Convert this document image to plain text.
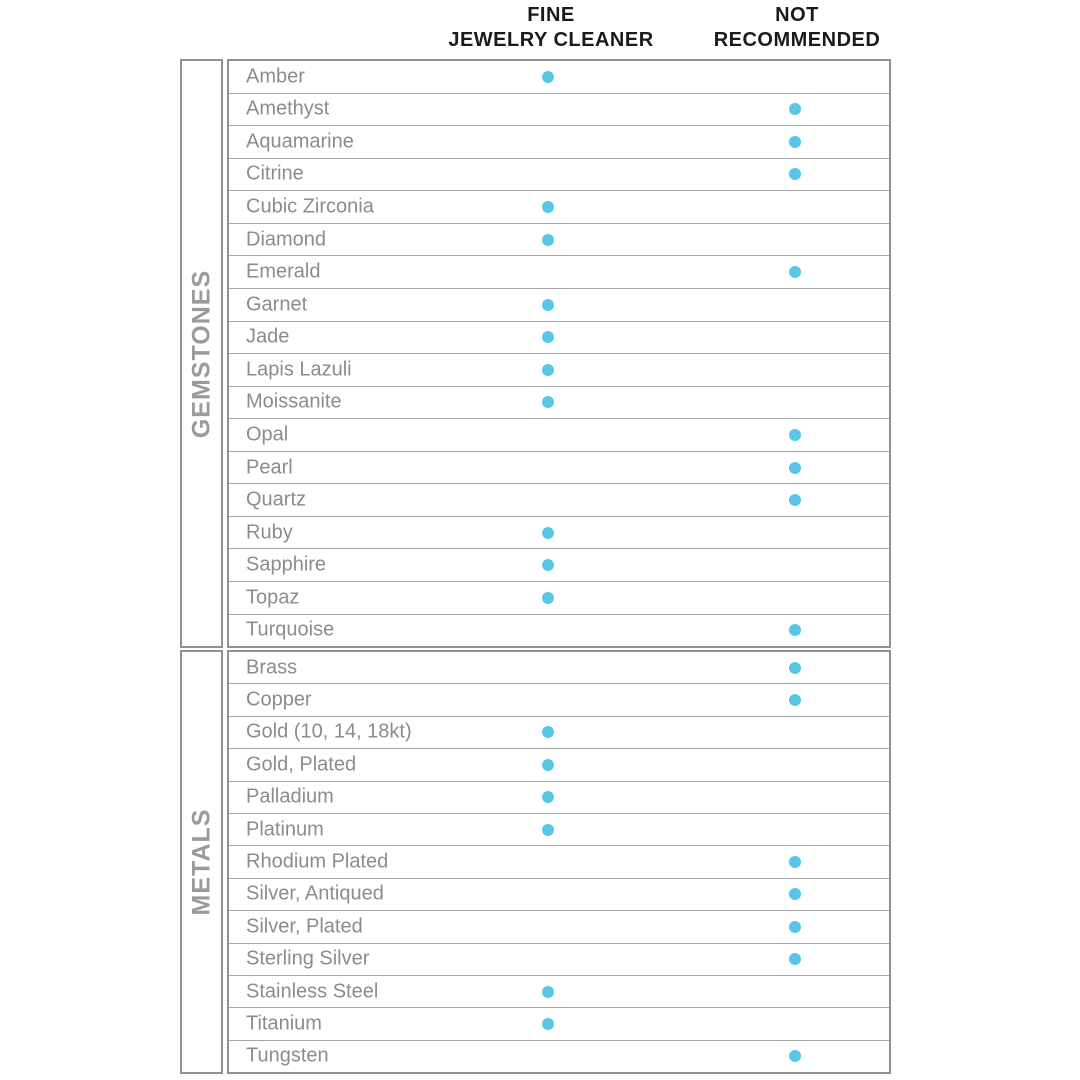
FINE
JEWELRY CLEANER
NOT
RECOMMENDED
GEMSTONES
Amber
Amethyst
Aquamarine
Citrine
Cubic Zirconia
Diamond
Emerald
Garnet
Jade
Lapis Lazuli
Moissanite
Opal
Pearl
Quartz
Ruby
Sapphire
Topaz
Turquoise
METALS
Brass
Copper
Gold (10, 14, 18kt)
Gold, Plated
Palladium
Platinum
Rhodium Plated
Silver, Antiqued
Silver, Plated
Sterling Silver
Stainless Steel
Titanium
Tungsten
